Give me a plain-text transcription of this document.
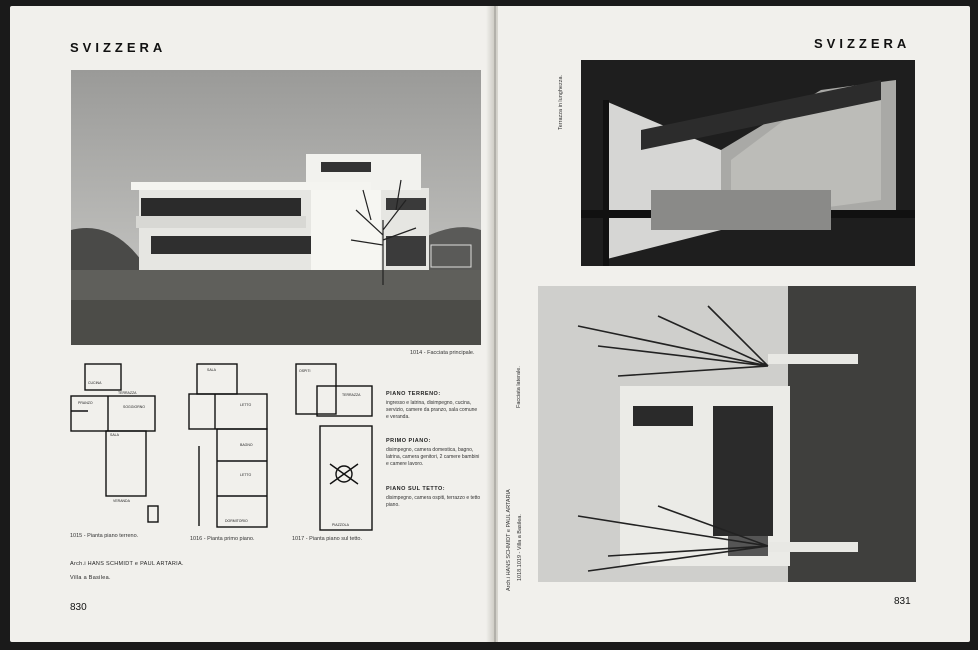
SVIZZERA
1014 - Facciata principale.
CUCINA
SOGGIORNO
PRANZO
TERRAZZA
SALA
VERANDA
1015 - Pianta piano terreno.
SALA
LETTO
BAGNO
LETTO
DORMITORIO
1016 - Pianta primo piano.
OSPITI
TERRAZZA
PIAZZOLA
1017 - Pianta piano sul tetto.
PIANO TERRENO:
ingresso e latrina, disimpegno, cucina, servizio, camere da pranzo, sala comune e veranda.
PRIMO PIANO:
disimpegno, camera domestica, bagno, latrina, camera genitori, 2 camere bambini e camere lavoro.
PIANO SUL TETTO:
disimpegno, camera ospiti, terrazzo e tetto piano.
Arch.i HANS SCHMIDT e PAUL ARTARIA.
Villa a Basilea.
830
SVIZZERA
Terrazza in lunghezza.
Facciata laterale.
Arch.i HANS SCHMIDT e PAUL ARTARIA 1018.1019 - Villa a Basilea.
831
